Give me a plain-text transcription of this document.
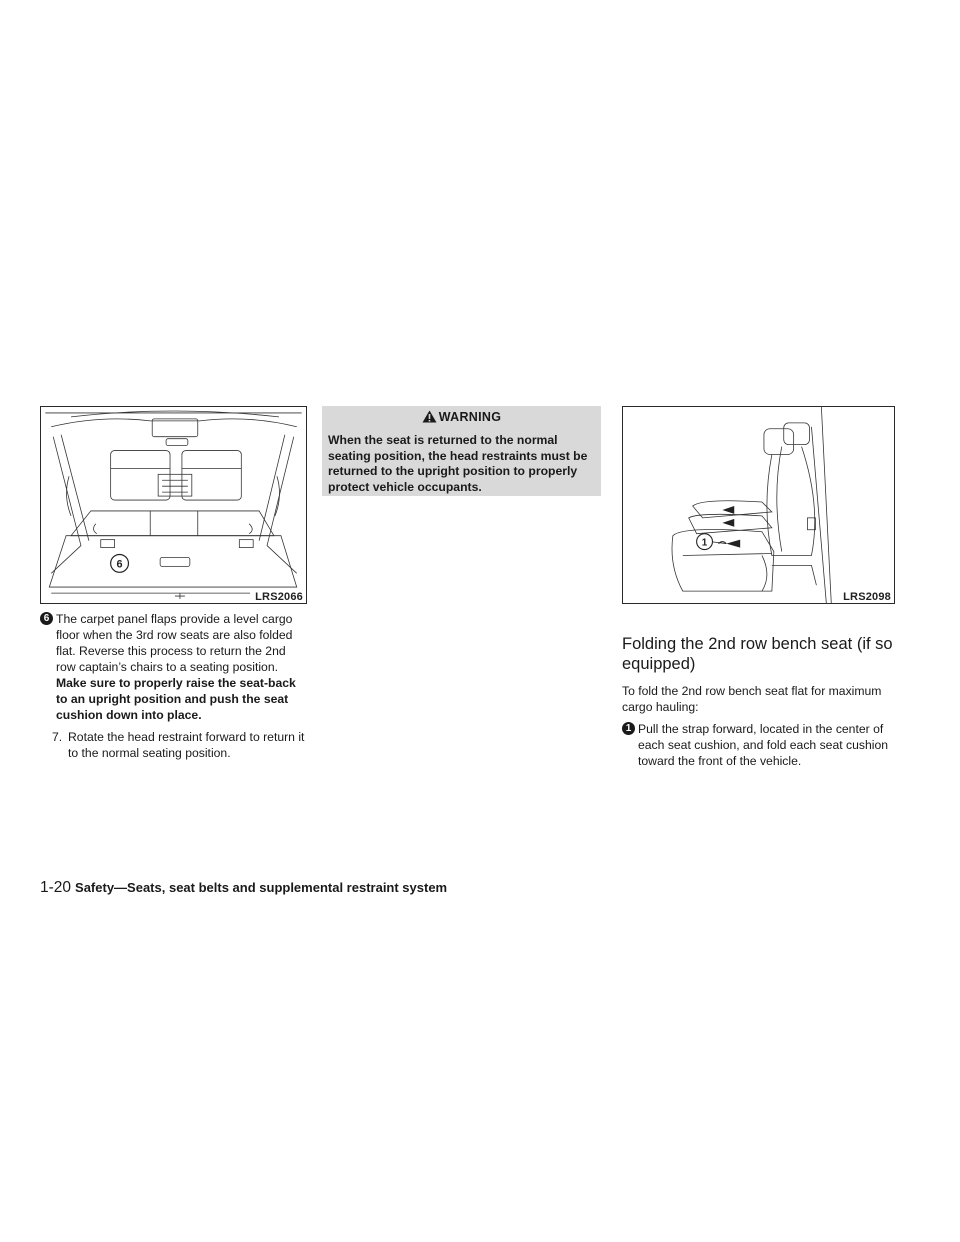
6
LRS2066
6 The carpet panel flaps provide a level cargo floor when the 3rd row seats are also folded flat. Reverse this process to return the 2nd row captain’s chairs to a seating position. Make sure to properly raise the seat-back to an upright position and push the seat cushion down into place.
7. Rotate the head restraint forward to return it to the normal seating position.
WARNING
When the seat is returned to the normal seating position, the head restraints must be returned to the upright position to properly protect vehicle occupants.
1
LRS2098
Folding the 2nd row bench seat (if so equipped)

To fold the 2nd row bench seat flat for maximum cargo hauling:

1 Pull the strap forward, located in the center of each seat cushion, and fold each seat cushion toward the front of the vehicle.
1-20 Safety—Seats, seat belts and supplemental restraint system
